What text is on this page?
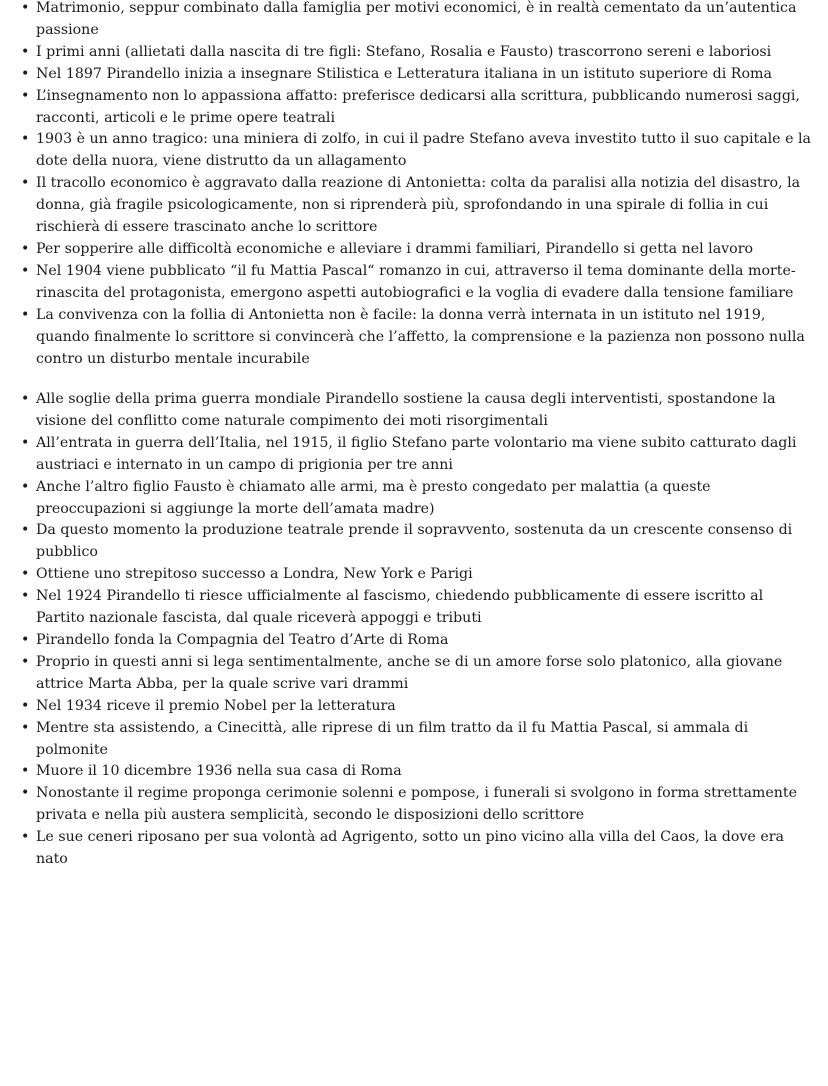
• Matrimonio, seppur combinato dalla famiglia per motivi economici, è in realtà cementato da un’autentica passione
• I primi anni (allietati dalla nascita di tre figli: Stefano, Rosalia e Fausto) trascorrono sereni e laboriosi
• Nel 1897 Pirandello inizia a insegnare Stilistica e Letteratura italiana in un istituto superiore di Roma
• L’insegnamento non lo appassiona affatto: preferisce dedicarsi alla scrittura, pubblicando numerosi saggi, racconti, articoli e le prime opere teatrali
• 1903 è un anno tragico: una miniera di zolfo, in cui il padre Stefano aveva investito tutto il suo capitale e la dote della nuora, viene distrutto da un allagamento
• Il tracollo economico è aggravato dalla reazione di Antonietta: colta da paralisi alla notizia del disastro, la donna, già fragile psicologicamente, non si riprenderà più, sprofondando in una spirale di follia in cui rischierà di essere trascinato anche lo scrittore
• Per sopperire alle difficoltà economiche e alleviare i drammi familiari, Pirandello si getta nel lavoro
• Nel 1904 viene pubblicato “il fu Mattia Pascal“ romanzo in cui, attraverso il tema dominante della morte-rinascita del protagonista, emergono aspetti autobiografici e la voglia di evadere dalla tensione familiare
• La convivenza con la follia di Antonietta non è facile: la donna verrà internata in un istituto nel 1919, quando finalmente lo scrittore si convincerà che l’affetto, la comprensione e la pazienza non possono nulla contro un disturbo mentale incurabile
• Alle soglie della prima guerra mondiale Pirandello sostiene la causa degli interventisti, spostandone la visione del conflitto come naturale compimento dei moti risorgimentali
• All’entrata in guerra dell’Italia, nel 1915, il figlio Stefano parte volontario ma viene subito catturato dagli austriaci e internato in un campo di prigionia per tre anni
• Anche l’altro figlio Fausto è chiamato alle armi, ma è presto congedato per malattia (a queste preoccupazioni si aggiunge la morte dell’amata madre)
• Da questo momento la produzione teatrale prende il sopravvento, sostenuta da un crescente consenso di pubblico
• Ottiene uno strepitoso successo a Londra, New York e Parigi
• Nel 1924 Pirandello ti riesce ufficialmente al fascismo, chiedendo pubblicamente di essere iscritto al Partito nazionale fascista, dal quale riceverà appoggi e tributi
• Pirandello fonda la Compagnia del Teatro d’Arte di Roma
• Proprio in questi anni si lega sentimentalmente, anche se di un amore forse solo platonico, alla giovane attrice Marta Abba, per la quale scrive vari drammi
• Nel 1934 riceve il premio Nobel per la letteratura
• Mentre sta assistendo, a Cinecittà, alle riprese di un film tratto da il fu Mattia Pascal, si ammala di polmonite
• Muore il 10 dicembre 1936 nella sua casa di Roma
• Nonostante il regime proponga cerimonie solenni e pompose, i funerali si svolgono in forma strettamente privata e nella più austera semplicità, secondo le disposizioni dello scrittore
• Le sue ceneri riposano per sua volontà ad Agrigento, sotto un pino vicino alla villa del Caos, la dove era nato
